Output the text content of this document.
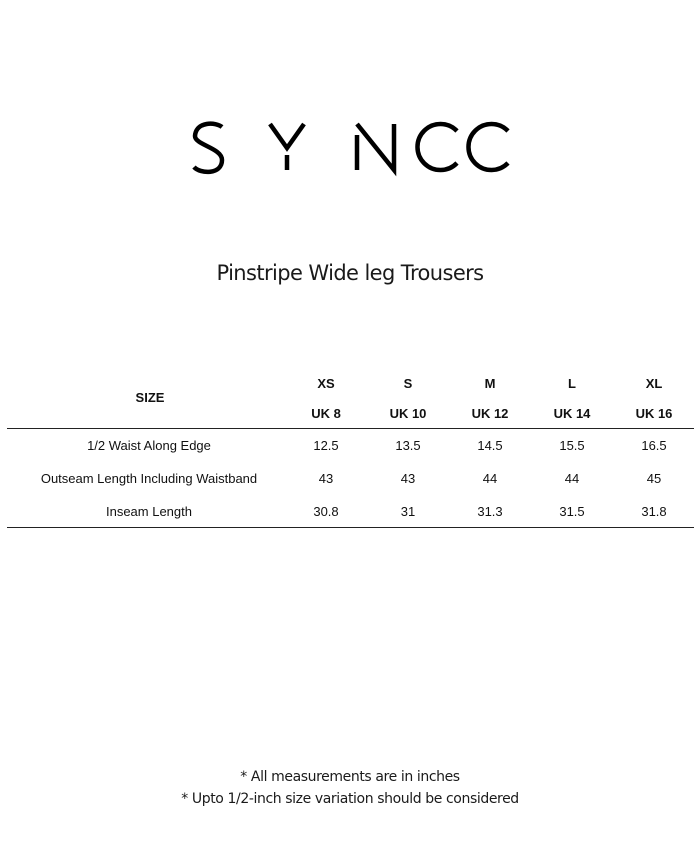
Pinstripe Wide leg Trousers
SIZE
XS	S	M	L	XL
UK 8	UK 10	UK 12	UK 14	UK 16
1/2 Waist Along Edge	12.5	13.5	14.5	15.5	16.5
Outseam Length Including Waistband	43	43	44	44	45
Inseam Length	30.8	31	31.3	31.5	31.8
* All measurements are in inches
* Upto 1/2-inch size variation should be considered
